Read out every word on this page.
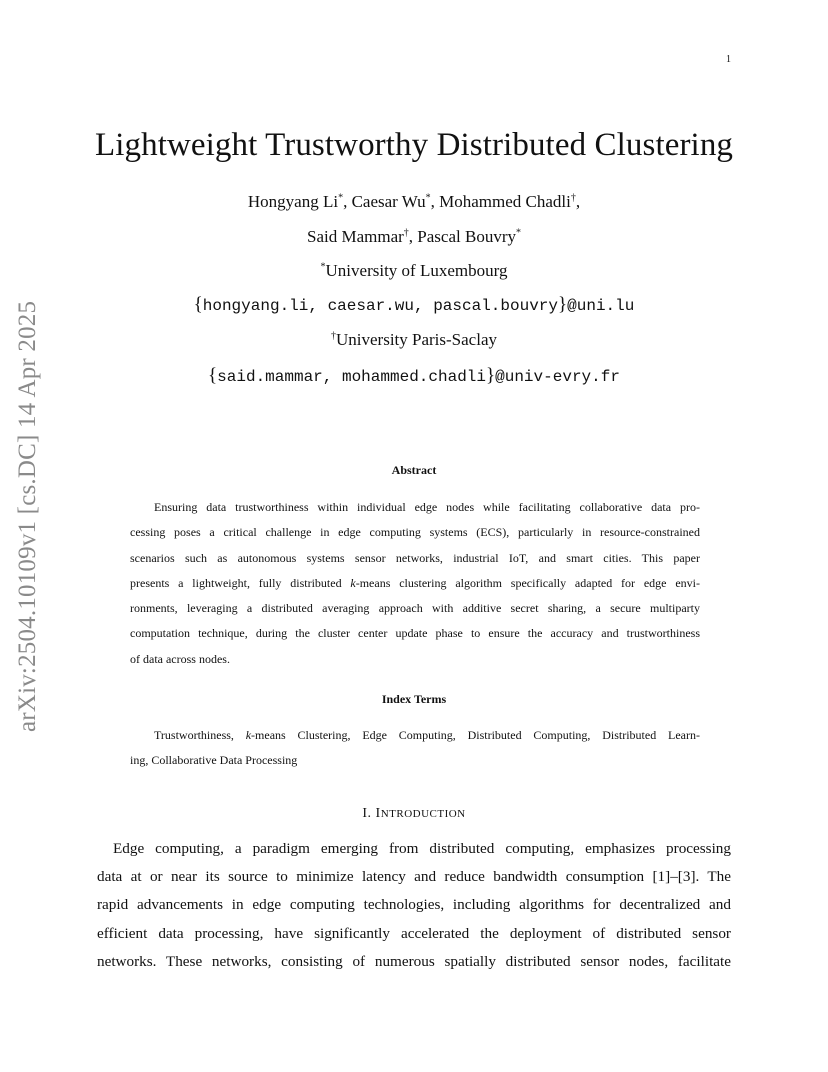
1
arXiv:2504.10109v1 [cs.DC] 14 Apr 2025
Lightweight Trustworthy Distributed Clustering
Hongyang Li*, Caesar Wu*, Mohammed Chadli†,
Said Mammar†, Pascal Bouvry*
*University of Luxembourg
{hongyang.li, caesar.wu, pascal.bouvry}@uni.lu
†University Paris-Saclay
{said.mammar, mohammed.chadli}@univ-evry.fr
Abstract
Ensuring data trustworthiness within individual edge nodes while facilitating collaborative data pro-
cessing poses a critical challenge in edge computing systems (ECS), particularly in resource-constrained
scenarios such as autonomous systems sensor networks, industrial IoT, and smart cities. This paper
presents a lightweight, fully distributed k-means clustering algorithm specifically adapted for edge envi-
ronments, leveraging a distributed averaging approach with additive secret sharing, a secure multiparty
computation technique, during the cluster center update phase to ensure the accuracy and trustworthiness
of data across nodes.
Index Terms
Trustworthiness, k-means Clustering, Edge Computing, Distributed Computing, Distributed Learn-
ing, Collaborative Data Processing
I. INTRODUCTION
Edge computing, a paradigm emerging from distributed computing, emphasizes processing
data at or near its source to minimize latency and reduce bandwidth consumption [1]–[3]. The
rapid advancements in edge computing technologies, including algorithms for decentralized and
efficient data processing, have significantly accelerated the deployment of distributed sensor
networks. These networks, consisting of numerous spatially distributed sensor nodes, facilitate
